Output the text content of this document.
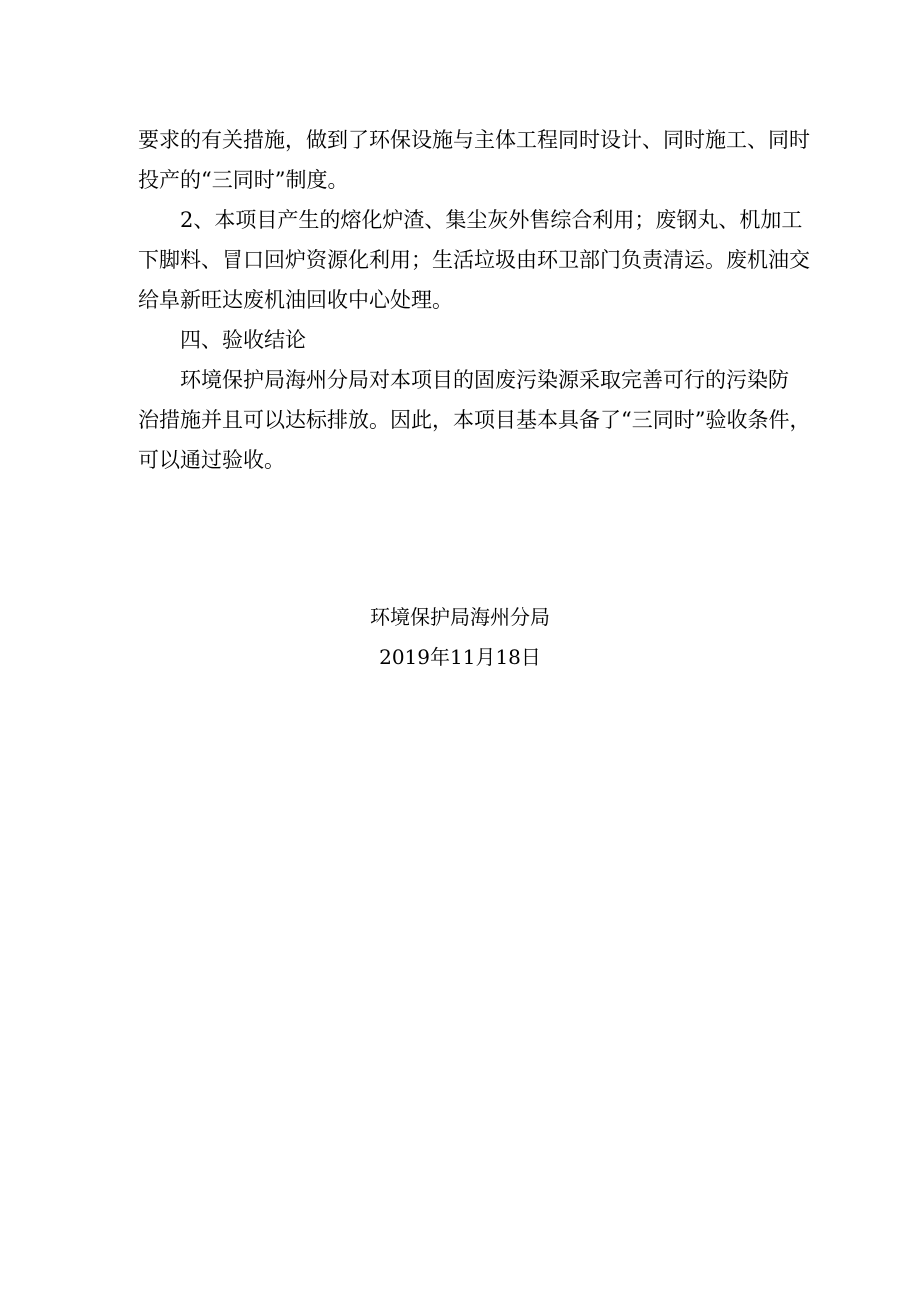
要求的有关措施，做到了环保设施与主体工程同时设计、同时施工、同时
投产的“三同时”制度。

2、本项目产生的熔化炉渣、集尘灰外售综合利用；废钢丸、机加工
下脚料、冒口回炉资源化利用；生活垃圾由环卫部门负责清运。废机油交
给阜新旺达废机油回收中心处理。

四、验收结论

环境保护局海州分局对本项目的固废污染源采取完善可行的污染防
治措施并且可以达标排放。因此，本项目基本具备了“三同时”验收条件，
可以通过验收。

环境保护局海州分局
2019年11月18日
